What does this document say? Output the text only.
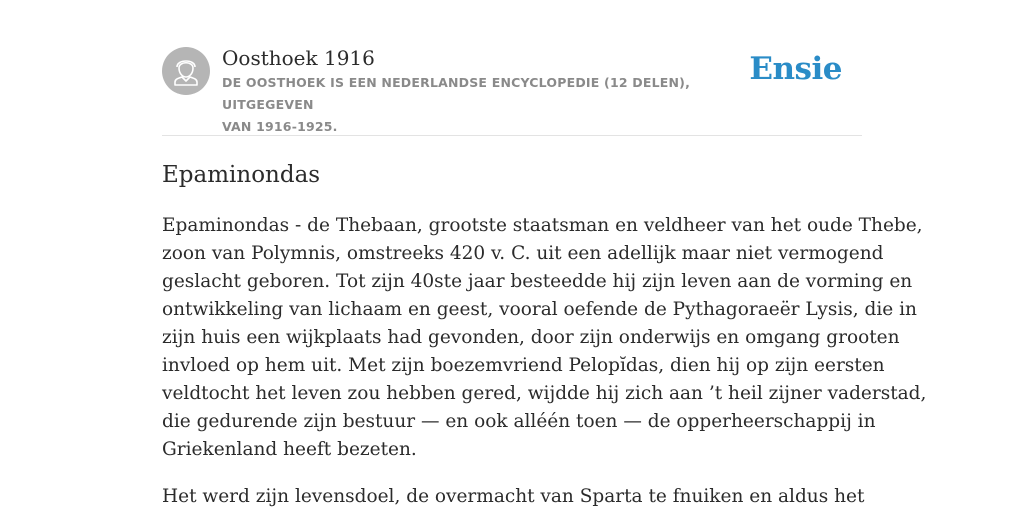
Oosthoek 1916
DE OOSTHOEK IS EEN NEDERLANDSE ENCYCLOPEDIE (12 DELEN), UITGEGEVEN
VAN 1916-1925.
Ensie
Epaminondas
Epaminondas - de Thebaan, grootste staatsman en veldheer van het oude Thebe,
zoon van Polymnis, omstreeks 420 v. C. uit een adellijk maar niet vermogend
geslacht geboren. Tot zijn 40ste jaar besteedde hij zijn leven aan de vorming en
ontwikkeling van lichaam en geest, vooral oefende de Pythagoraeër Lysis, die in
zijn huis een wijkplaats had gevonden, door zijn onderwijs en omgang grooten
invloed op hem uit. Met zijn boezemvriend Pelopĭdas, dien hij op zijn eersten
veldtocht het leven zou hebben gered, wijdde hij zich aan ’t heil zijner vaderstad,
die gedurende zijn bestuur — en ook alléén toen — de opperheerschappij in
Griekenland heeft bezeten.
Het werd zijn levensdoel, de overmacht van Sparta te fnuiken en aldus het
